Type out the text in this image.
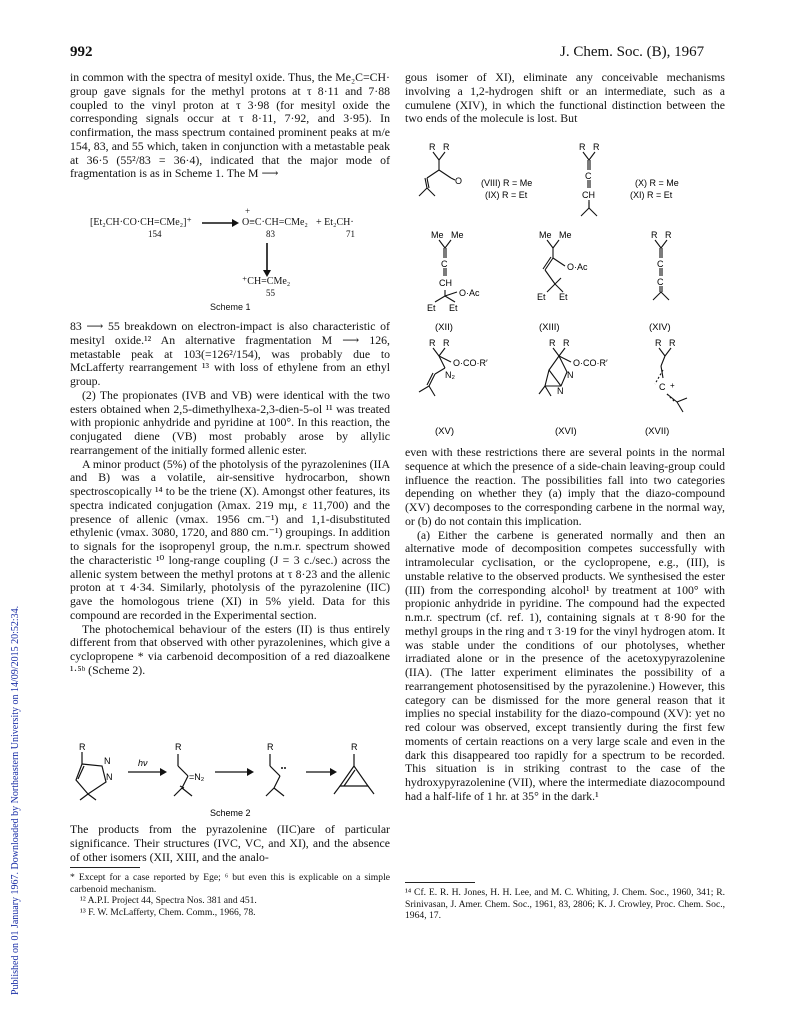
992	J. Chem. Soc. (B), 1967
Published on 01 January 1967. Downloaded by Northeastern University on 14/09/2015 20:52:34.

in common with the spectra of mesityl oxide. Thus, the Me₂C=CH· group gave signals for the methyl protons at τ 8·11 and 7·88 coupled to the vinyl proton at τ 3·98 (for mesityl oxide the corresponding signals occur at τ 8·11, 7·92, and 3·95). In confirmation, the mass spectrum contained prominent peaks at m/e 154, 83, and 55 which, taken in conjunction with a metastable peak at 36·5 (55²/83 = 36·4), indicated that the major mode of fragmentation is as in Scheme 1. The M ⟶

[Et₂CH·CO·CH=CMe₂]⁺
+
O≡C·CH=CMe₂ + Et₂CH·
154	83	71
⁺CH=CMe₂
55
Scheme 1

83 ⟶ 55 breakdown on electron-impact is also characteristic of mesityl oxide.¹² An alternative fragmentation M ⟶ 126, metastable peak at 103(=126²/154), was probably due to McLafferty rearrangement ¹³ with loss of ethylene from an ethyl group.

(2) The propionates (IVB and VB) were identical with the two esters obtained when 2,5-dimethylhexa-2,3-dien-5-ol ¹¹ was treated with propionic anhydride and pyridine at 100°. In this reaction, the conjugated diene (VB) most probably arose by allylic rearrangement of the initially formed allenic ester.

A minor product (5%) of the photolysis of the pyrazolenines (IIA and B) was a volatile, air-sensitive hydrocarbon, shown spectroscopically ¹⁴ to be the triene (X). Amongst other features, its spectra indicated conjugation (λmax. 219 mμ, ε 11,700) and the presence of allenic (νmax. 1956 cm.⁻¹) and 1,1-disubstituted ethylenic (νmax. 3080, 1720, and 880 cm.⁻¹) groupings. In addition to signals for the isopropenyl group, the n.m.r. spectrum showed the characteristic ¹⁰ long-range coupling (J = 3 c./sec.) across the allenic system between the methyl protons at τ 8·23 and the allenic proton at τ 4·34. Similarly, photolysis of the pyrazolenine (IIC) gave the homologous triene (XI) in 5% yield. Data for this compound are recorded in the Experimental section.

The photochemical behaviour of the esters (II) is thus entirely different from that observed with other pyrazolenines, which give a cyclopropene * via carbenoid decomposition of a red diazoalkene ¹·⁵ᵇ (Scheme 2).

R
N
N
hν
R
=N₂
R	R
Scheme 2

The products from the pyrazolenine (IIC)are of particular significance. Their structures (IVC, VC, and XI), and the absence of other isomers (XII, XIII, and the analo-

* Except for a case reported by Ege; ⁶ but even this is explicable on a simple carbenoid mechanism.

¹² A.P.I. Project 44, Spectra Nos. 381 and 451.

¹³ F. W. McLafferty, Chem. Comm., 1966, 78.

gous isomer of XI), eliminate any conceivable mechanisms involving a 1,2-hydrogen shift or an intermediate, such as a cumulene (XIV), in which the functional distinction between the two ends of the molecule is lost. But

R R
O (VIII) R = Me
(IX) R = Et
R R
C
CH
(X) R = Me
(XI) R = Et
Me Me
C
CH
O·Ac
Et Et
(XII)
Me Me
O·Ac
Et Et
(XIII)
R R
C
C
(XIV)
R R
O·CO·R′
N₂
(XV)
R R
O·CO·R′
N
N
(XVI)
R R
C +
(XVII)

even with these restrictions there are several points in the normal sequence at which the presence of a side-chain leaving-group could influence the reaction. The possibilities fall into two categories depending on whether they (a) imply that the diazo-compound (XV) decomposes to the corresponding carbene in the normal way, or (b) do not contain this implication.

(a) Either the carbene is generated normally and then an alternative mode of decomposition competes successfully with intramolecular cyclisation, or the cyclopropene, e.g., (III), is unstable relative to the observed products. We synthesised the ester (III) from the corresponding alcohol¹ by treatment at 100° with propionic anhydride in pyridine. The compound had the expected n.m.r. spectrum (cf. ref. 1), containing signals at τ 8·90 for the methyl groups in the ring and τ 3·19 for the vinyl hydrogen atom. It was stable under the conditions of our photolyses, whether irradiated alone or in the presence of the acetoxypyrazolenine (IIA). (The latter experiment eliminates the possibility of a rearrangement photosensitised by the pyrazolenine.) However, this category can be dismissed for the more general reason that it implies no special instability for the diazo-compound (XV): yet no red colour was observed, except transiently during the first few moments of certain reactions on a very large scale and even in the dark this disappeared too rapidly for a spectrum to be recorded. This situation is in striking contrast to the case of the hydroxypyrazolenine (VII), where the intermediate diazocompound had a half-life of 1 hr. at 35° in the dark.¹

¹⁴ Cf. E. R. H. Jones, H. H. Lee, and M. C. Whiting, J. Chem. Soc., 1960, 341; R. Srinivasan, J. Amer. Chem. Soc., 1961, 83, 2806; K. J. Crowley, Proc. Chem. Soc., 1964, 17.
